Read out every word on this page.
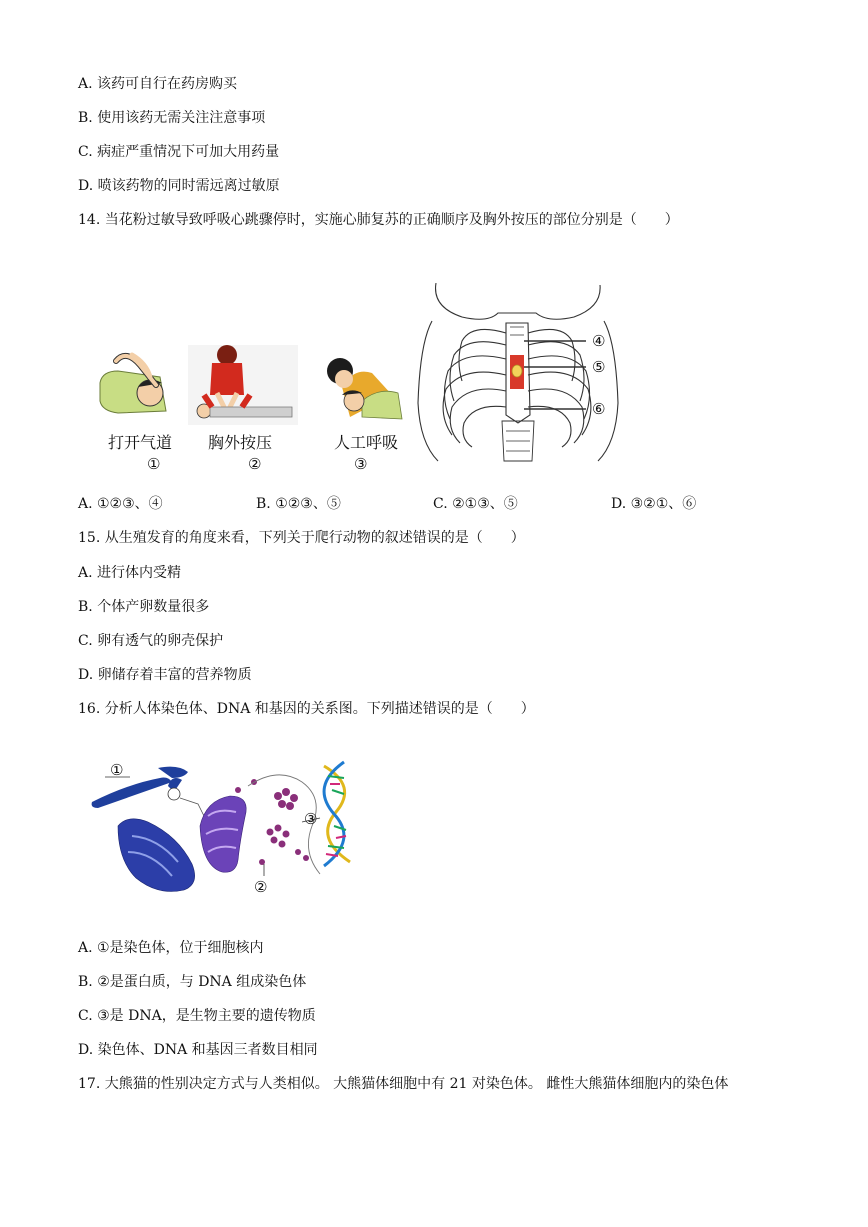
A. 该药可自行在药房购买
B. 使用该药无需关注注意事项
C. 病症严重情况下可加大用药量
D. 喷该药物的同时需远离过敏原
14. 当花粉过敏导致呼吸心跳骤停时，实施心肺复苏的正确顺序及胸外按压的部位分别是（　　）
打开气道
①
胸外按压
②
人工呼吸
③
④
⑤
⑥
A. ①②③、④	B. ①②③、⑤	C. ②①③、⑤	D. ③②①、⑥
15. 从生殖发育的角度来看，下列关于爬行动物的叙述错误的是（　　）
A. 进行体内受精
B. 个体产卵数量很多
C. 卵有透气的卵壳保护
D. 卵储存着丰富的营养物质
16. 分析人体染色体、DNA 和基因的关系图。下列描述错误的是（　　）
①
②
③
A. ①是染色体，位于细胞核内
B. ②是蛋白质，与 DNA 组成染色体
C. ③是 DNA，是生物主要的遗传物质
D. 染色体、DNA 和基因三者数目相同
17. 大熊猫的性别决定方式与人类相似。 大熊猫体细胞中有 21 对染色体。 雌性大熊猫体细胞内的染色体
